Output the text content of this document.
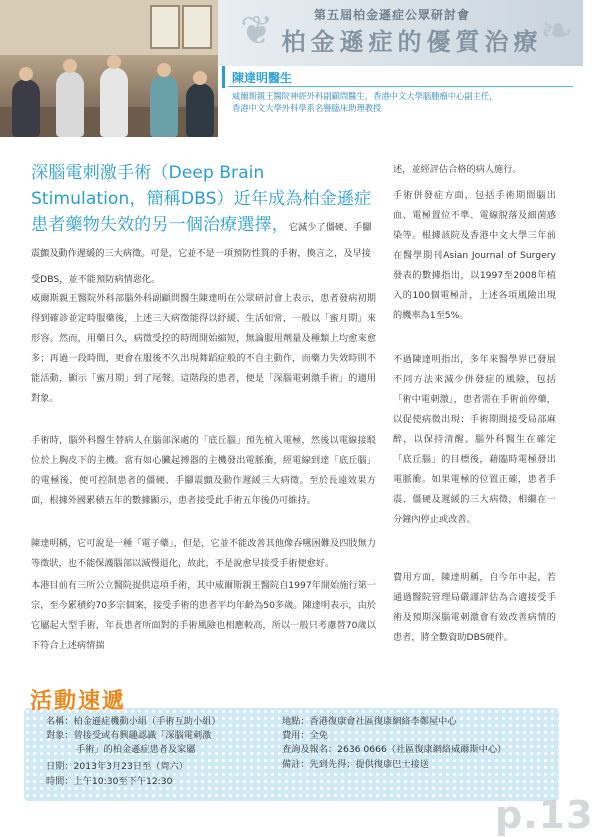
❦	❧
第五屆柏金遜症公眾研討會
柏金遜症的優質治療
陳達明醫生
威爾斯親王醫院神經外科副顧問醫生，香港中文大學腦腫瘤中心副主任，
香港中文大學外科學系名譽臨床助理教授
深腦電刺激手術（Deep Brain Stimulation，簡稱DBS）近年成為柏金遜症患者藥物失效的另一個治療選擇，它減少了僵硬、手腳震顫及動作遲緩的三大病徵。可是，它並不是一項預防性質的手術，換言之，及早接受DBS，並不能預防病情惡化。

威爾斯親王醫院外科部腦外科副顧問醫生陳達明在公眾研討會上表示，患者發病初期得到確診並定時服藥後，上述三大病徵能得以紓緩、生活如常，一般以「蜜月期」來形容。然而，用藥日久，病徵受控的時間開始縮短，無論服用劑量及種類上均愈來愈多；再過一段時間，更會在服後不久出現舞蹈症般的不自主動作，而藥力失效時則不能活動，顯示「蜜月期」到了尾聲。這階段的患者，便是「深腦電刺激手術」的適用對象。

手術時，腦外科醫生替病人在腦部深處的「底丘腦」預先植入電極，然後以電線接駁位於上胸皮下的主機。當有如心臟起搏器的主機發出電脈衝，經電線到達「底丘腦」的電極後，便可控制患者的僵硬、手腳震顫及動作遲緩三大病徵。至於長遠效果方面，根據外國累積五年的數據顯示，患者接受此手術五年後仍可維持。

陳達明稱，它可說是一種「電子藥」，但是，它並不能改善其他像吞嚥困難及四肢無力等徵狀，也不能保護腦部以減慢退化，故此，不是說愈早接受手術便愈好。

本港目前有三所公立醫院提供這項手術，其中威爾斯親王醫院自1997年開始施行第一宗，至今累積約70多宗個案，接受手術的患者平均年齡為50多歲。陳達明表示，由於它屬起大型手術，年長患者所面對的手術風險也相應較高，所以一般只考慮替70歲以下符合上述病情揣

述，並經評估合格的病人施行。

手術併發症方面，包括手術期間腦出血、電極置位不準、電線脫落及細菌感染等。根據該院及香港中文大學三年前在醫學期刊Asian Journal of Surgery發表的數據指出，以1997至2008年植入的100個電極計，上述各項風險出現的機率為1至5%。

不過陳達明指出，多年來醫學界已發展不同方法來減少併發症的風險，包括「術中電刺激」，患者需在手術前停藥，以促使病徵出現；手術期間接受局部麻醉，以保持清醒。腦外科醫生在確定「底丘腦」的目標後，藉臨時電極發出電脈衝。如果電極的位置正確，患者手震、僵硬及遲緩的三大病徵，相繼在一分鐘內停止或改善。

費用方面，陳達明稱，自今年中起，若通過醫院管理局嚴謹評估為合適接受手術及預期深腦電刺激會有效改善病情的患者，將全數資助DBS硬件。

名稱：柏金遜症機動小組（手術互助小組）
對象：曾接受或有興趣認識「深腦電刺激
手術」的柏金遜症患者及家屬
日期：2013年3月23日至（周六）
時間：上午10:30至下午12:30
地點：香港復康會社區復康網絡李鄭屋中心
費用：全免
查詢及報名：2636 0666（社區復康網絡威爾斯中心）
備註：先到先得；提供復康巴士接送
活動速遞
p.13
